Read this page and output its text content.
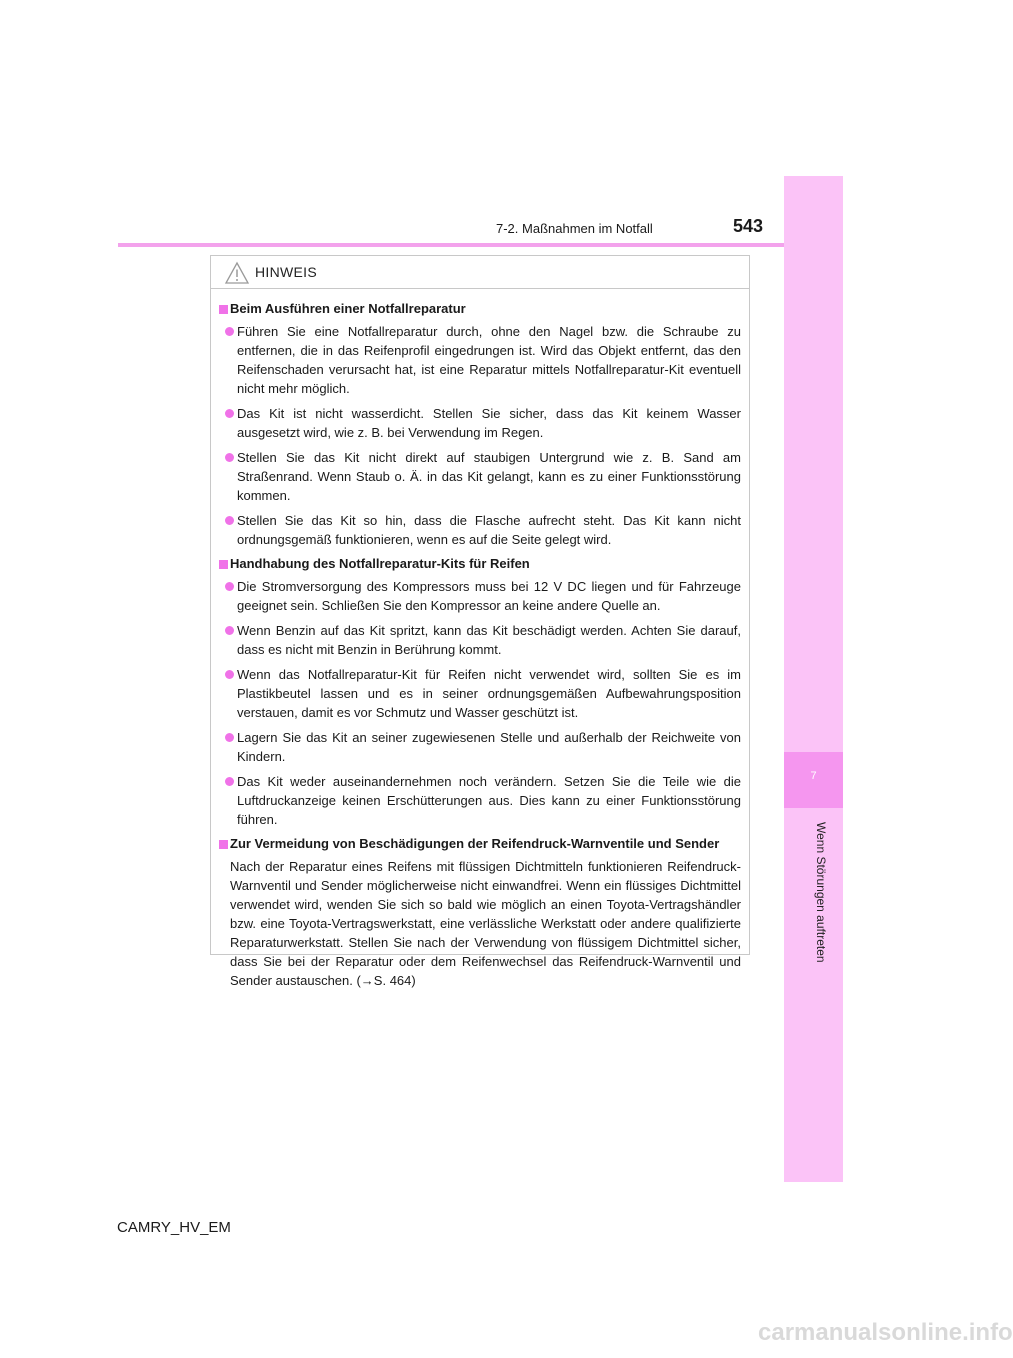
7
Wenn Störungen auftreten
7-2. Maßnahmen im Notfall	543
HINWEIS
Beim Ausführen einer Notfallreparatur
Führen Sie eine Notfallreparatur durch, ohne den Nagel bzw. die Schraube zu entfernen, die in das Reifenprofil eingedrungen ist. Wird das Objekt entfernt, das den Reifenschaden verursacht hat, ist eine Reparatur mittels Notfallreparatur-Kit eventuell nicht mehr möglich.
Das Kit ist nicht wasserdicht. Stellen Sie sicher, dass das Kit keinem Wasser ausgesetzt wird, wie z. B. bei Verwendung im Regen.
Stellen Sie das Kit nicht direkt auf staubigen Untergrund wie z. B. Sand am Straßenrand. Wenn Staub o. Ä. in das Kit gelangt, kann es zu einer Funktionsstörung kommen.
Stellen Sie das Kit so hin, dass die Flasche aufrecht steht. Das Kit kann nicht ordnungsgemäß funktionieren, wenn es auf die Seite gelegt wird.
Handhabung des Notfallreparatur-Kits für Reifen
Die Stromversorgung des Kompressors muss bei 12 V DC liegen und für Fahrzeuge geeignet sein. Schließen Sie den Kompressor an keine andere Quelle an.
Wenn Benzin auf das Kit spritzt, kann das Kit beschädigt werden. Achten Sie darauf, dass es nicht mit Benzin in Berührung kommt.
Wenn das Notfallreparatur-Kit für Reifen nicht verwendet wird, sollten Sie es im Plastikbeutel lassen und es in seiner ordnungsgemäßen Aufbewahrungsposition verstauen, damit es vor Schmutz und Wasser geschützt ist.
Lagern Sie das Kit an seiner zugewiesenen Stelle und außerhalb der Reichweite von Kindern.
Das Kit weder auseinandernehmen noch verändern. Setzen Sie die Teile wie die Luftdruckanzeige keinen Erschütterungen aus. Dies kann zu einer Funktionsstörung führen.
Zur Vermeidung von Beschädigungen der Reifendruck-Warnventile und Sender

Nach der Reparatur eines Reifens mit flüssigen Dichtmitteln funktionieren Reifendruck-Warnventil und Sender möglicherweise nicht einwandfrei. Wenn ein flüssiges Dichtmittel verwendet wird, wenden Sie sich so bald wie möglich an einen Toyota-Vertragshändler bzw. eine Toyota-Vertragswerkstatt, eine verlässliche Werkstatt oder andere qualifizierte Reparaturwerkstatt. Stellen Sie nach der Verwendung von flüssigem Dichtmittel sicher, dass Sie bei der Reparatur oder dem Reifenwechsel das Reifendruck-Warnventil und Sender austauschen. (→S. 464)

CAMRY_HV_EM
carmanualsonline.info
